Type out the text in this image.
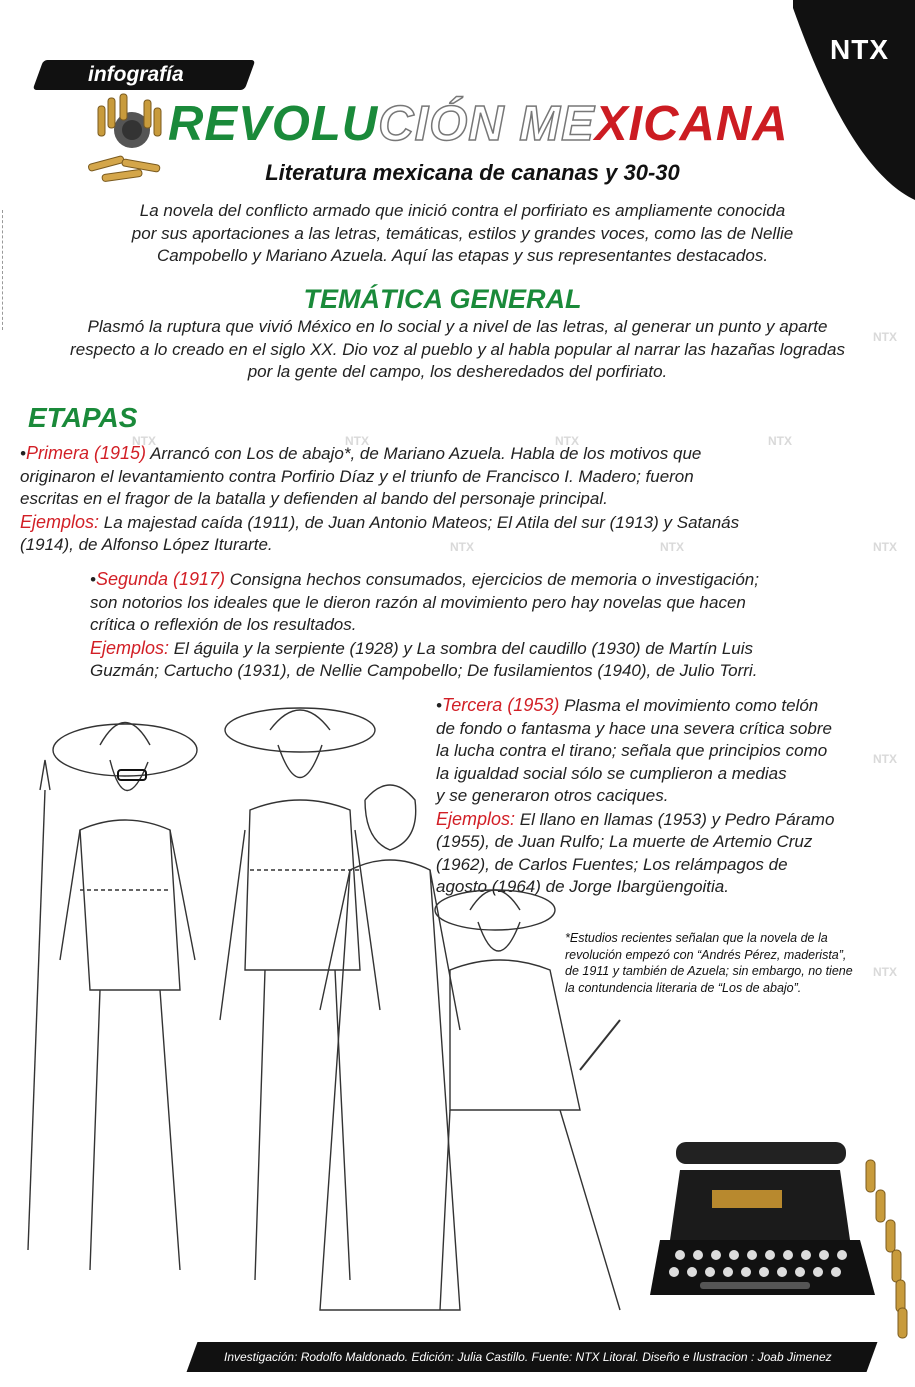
NTX
infografía
REVOLUCIÓN MEXICANA
Literatura mexicana de cananas y 30-30
La novela del conflicto armado que inició contra el porfiriato es ampliamente conocida
por sus aportaciones a las letras, temáticas, estilos y grandes voces, como las de Nellie
Campobello y Mariano Azuela. Aquí las etapas y sus representantes destacados.
TEMÁTICA GENERAL
Plasmó la ruptura que vivió México en lo social y a nivel de las letras, al generar un punto y aparte
respecto a lo creado en el siglo XX. Dio voz al pueblo y al habla popular al narrar las hazañas logradas
por la gente del campo, los desheredados del porfiriato.
ETAPAS
•Primera (1915) Arrancó con Los de abajo*, de Mariano Azuela. Habla de los motivos que
originaron el levantamiento contra Porfirio Díaz y el triunfo de Francisco I. Madero; fueron
escritas en el fragor de la batalla y defienden al bando del personaje principal.
Ejemplos: La majestad caída (1911), de Juan Antonio Mateos; El Atila del sur (1913) y Satanás
(1914), de Alfonso López Iturarte.
•Segunda (1917) Consigna hechos consumados, ejercicios de memoria o investigación;
son notorios los ideales que le dieron razón al movimiento pero hay novelas que hacen
crítica o reflexión de los resultados.
Ejemplos: El águila y la serpiente (1928) y La sombra del caudillo (1930) de Martín Luis
Guzmán; Cartucho (1931), de Nellie Campobello; De fusilamientos (1940), de Julio Torri.
•Tercera (1953) Plasma el movimiento como telón
de fondo o fantasma y hace una severa crítica sobre
la lucha contra el tirano; señala que principios como
la igualdad social sólo se cumplieron a medias
y se generaron otros caciques.
Ejemplos: El llano en llamas (1953) y Pedro Páramo
(1955), de Juan Rulfo; La muerte de Artemio Cruz
(1962), de Carlos Fuentes; Los relámpagos de
agosto (1964) de Jorge Ibargüengoitia.
*Estudios recientes señalan que la novela de la
revolución empezó con “Andrés Pérez, maderista”,
de 1911 y también de Azuela; sin embargo, no tiene
la contundencia literaria de “Los de abajo”.
NTX	NTX	NTX	NTX
NTX	NTX	NTX
NTX
NTX
NTX
Investigación: Rodolfo Maldonado. Edición: Julia Castillo. Fuente: NTX Litoral. Diseño e Ilustracion : Joab Jimenez
